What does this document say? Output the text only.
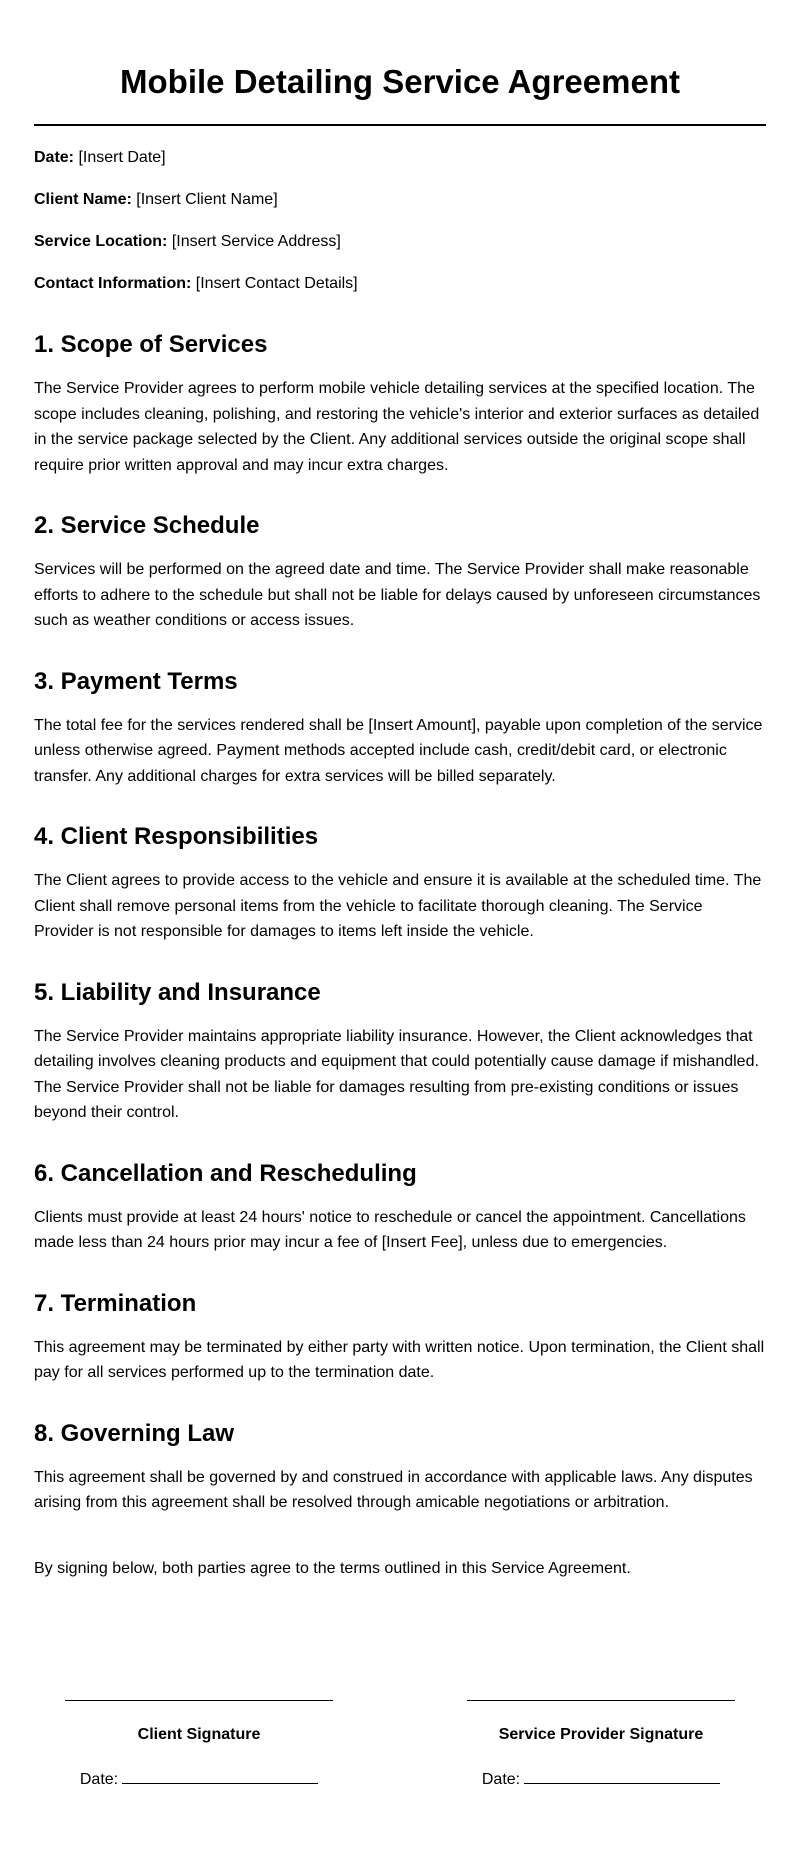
Mobile Detailing Service Agreement
Date: [Insert Date]
Client Name: [Insert Client Name]
Service Location: [Insert Service Address]
Contact Information: [Insert Contact Details]
1. Scope of Services

The Service Provider agrees to perform mobile vehicle detailing services at the specified location. The scope includes cleaning, polishing, and restoring the vehicle's interior and exterior surfaces as detailed in the service package selected by the Client. Any additional services outside the original scope shall require prior written approval and may incur extra charges.

2. Service Schedule

Services will be performed on the agreed date and time. The Service Provider shall make reasonable efforts to adhere to the schedule but shall not be liable for delays caused by unforeseen circumstances such as weather conditions or access issues.

3. Payment Terms

The total fee for the services rendered shall be [Insert Amount], payable upon completion of the service unless otherwise agreed. Payment methods accepted include cash, credit/debit card, or electronic transfer. Any additional charges for extra services will be billed separately.

4. Client Responsibilities

The Client agrees to provide access to the vehicle and ensure it is available at the scheduled time. The Client shall remove personal items from the vehicle to facilitate thorough cleaning. The Service Provider is not responsible for damages to items left inside the vehicle.

5. Liability and Insurance

The Service Provider maintains appropriate liability insurance. However, the Client acknowledges that detailing involves cleaning products and equipment that could potentially cause damage if mishandled. The Service Provider shall not be liable for damages resulting from pre-existing conditions or issues beyond their control.

6. Cancellation and Rescheduling

Clients must provide at least 24 hours' notice to reschedule or cancel the appointment. Cancellations made less than 24 hours prior may incur a fee of [Insert Fee], unless due to emergencies.

7. Termination

This agreement may be terminated by either party with written notice. Upon termination, the Client shall pay for all services performed up to the termination date.

8. Governing Law

This agreement shall be governed by and construed in accordance with applicable laws. Any disputes arising from this agreement shall be resolved through amicable negotiations or arbitration.

By signing below, both parties agree to the terms outlined in this Service Agreement.

Client Signature
Date:
Service Provider Signature
Date:
